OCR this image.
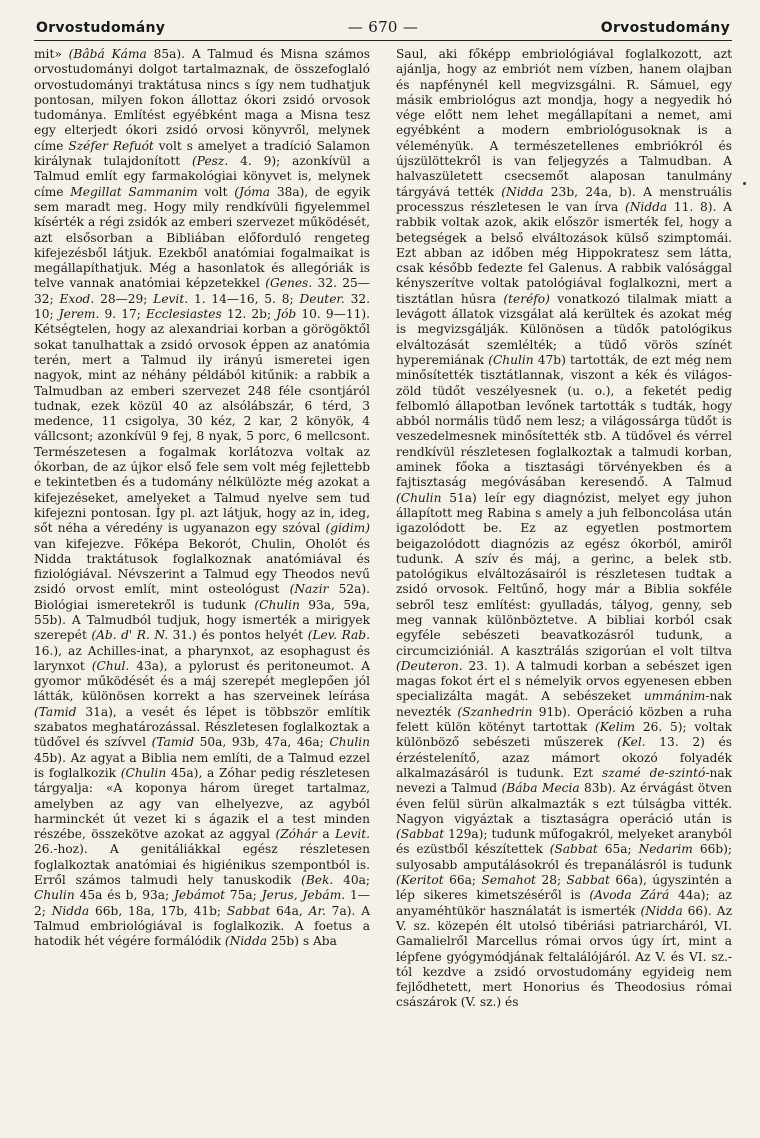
Orvostudomány	— 670 —	Orvostudomány

mit» (Bâbá Káma 85a). A Talmud és Misna számos orvostudományi dolgot tartalmaznak, de összefoglaló orvostudományi traktátusa nincs s így nem tudhatjuk pontosan, milyen fokon állottaz ókori zsidó orvosok tudománya. Említést egyébként maga a Misna tesz egy elterjedt ókori zsidó orvosi könyvről, melynek címe Széfer Refuót volt s amelyet a tradíció Salamon királynak tulajdonított (Pesz. 4. 9); azonkívül a Talmud említ egy farmakológiai könyvet is, melynek címe Megillat Sammanim volt (Jóma 38a), de egyik sem maradt meg. Hogy mily rendkívüli figyelemmel kísérték a régi zsidók az emberi szervezet működését, azt elsősorban a Bibliában előforduló rengeteg kifejezésből látjuk. Ezekből anatómiai fogalmaikat is megállapíthatjuk. Még a hasonlatok és allegóriák is telve vannak anatómiai képzetekkel (Genes. 32. 25—32; Exod. 28—29; Levit. 1. 14—16, 5. 8; Deuter. 32. 10; Jerem. 9. 17; Ecclesiastes 12. 2b; Jób 10. 9—11). Kétségtelen, hogy az alexandriai korban a görögöktől sokat tanulhattak a zsidó orvosok éppen az anatómia terén, mert a Talmud ily irányú ismeretei igen nagyok, mint az néhány példából kitűnik: a rabbik a Talmudban az emberi szervezet 248 féle csontjáról tudnak, ezek közül 40 az alsólábszár, 6 térd, 3 medence, 11 csigolya, 30 kéz, 2 kar, 2 könyök, 4 vállcsont; azonkívül 9 fej, 8 nyak, 5 porc, 6 mellcsont. Természetesen a fogalmak korlátozva voltak az ókorban, de az újkor első fele sem volt még fejlettebb e tekintetben és a tudomány nélkülözte még azokat a kifejezéseket, amelyeket a Talmud nyelve sem tud kifejezni pontosan. Így pl. azt látjuk, hogy az in, ideg, sőt néha a véredény is ugyanazon egy szóval (gidim) van kifejezve. Főképa Bekorót, Chulin, Oholót és Nidda traktátusok foglalkoznak anatómiával és fiziológiával. Névszerint a Talmud egy Theodos nevű zsidó orvost említ, mint osteológust (Nazir 52a). Biológiai ismeretekről is tudunk (Chulin 93a, 59a, 55b). A Talmudból tudjuk, hogy ismerték a mirigyek szerepét (Ab. d' R. N. 31.) és pontos helyét (Lev. Rab. 16.), az Achilles-inat, a pharynxot, az esophagust és larynxot (Chul. 43a), a pylorust és peritoneumot. A gyomor működését és a máj szerepét meglepően jól látták, különösen korrekt a has szerveinek leírása (Tamid 31a), a vesét és lépet is többször említik szabatos meghatározással. Részletesen foglalkoztak a tüdővel és szívvel (Tamid 50a, 93b, 47a, 46a; Chulin 45b). Az agyat a Biblia nem említi, de a Talmud ezzel is foglalkozik (Chulin 45a), a Zóhar pedig részletesen tárgyalja: «A koponya három üreget tartalmaz, amelyben az agy van elhelyezve, az agyból harminckét út vezet ki s ágazik el a test minden részébe, összekötve azokat az aggyal (Zóhár a Levit. 26.-hoz). A genitáliákkal egész részletesen foglalkoztak anatómiai és higiénikus szempontból is. Erről számos talmudi hely tanuskodik (Bek. 40a; Chulin 45a és b, 93a; Jebámot 75a; Jerus, Jebám. 1—2; Nidda 66b, 18a, 17b, 41b; Sabbat 64a, Ar. 7a). A Talmud embriológiával is foglalkozik. A foetus a hatodik hét végére formálódik (Nidda 25b) s Aba

Saul, aki főképp embriológiával foglalkozott, azt ajánlja, hogy az embriót nem vízben, hanem olajban és napfénynél kell megvizsgálni. R. Sámuel, egy másik embriológus azt mondja, hogy a negyedik hó vége előtt nem lehet megállapítani a nemet, ami egyébként a modern embriológusoknak is a véleményük. A természetellenes embriókról és újszülöttekről is van feljegyzés a Talmudban. A halvaszületett csecsemőt alaposan tanulmány tárgyává tették (Nidda 23b, 24a, b). A menstruális processzus részletesen le van írva (Nidda 11. 8). A rabbik voltak azok, akik először ismerték fel, hogy a betegségek a belső elváltozások külső szimptomái. Ezt abban az időben még Hippokratesz sem látta, csak később fedezte fel Galenus. A rabbik valósággal kényszerítve voltak patológiával foglalkozni, mert a tisztátlan húsra (teréfo) vonatkozó tilalmak miatt a levágott állatok vizsgálat alá kerültek és azokat még is megvizsgálják. Különösen a tüdők patológikus elváltozását szemlélték; a tüdő vörös színét hyperemiának (Chulin 47b) tartották, de ezt még nem minősítették tisztátlannak, viszont a kék és világos-zöld tüdőt veszélyesnek (u. o.), a feketét pedig felbomló állapotban levőnek tartották s tudták, hogy abból normális tüdő nem lesz; a világossárga tüdőt is veszedelmesnek minősítették stb. A tüdővel és vérrel rendkívül részletesen foglalkoztak a talmudi korban, aminek főoka a tisztasági törvényekben és a fajtisztaság megóvásában keresendő. A Talmud (Chulin 51a) leír egy diagnózist, melyet egy juhon állapított meg Rabina s amely a juh felboncolása után igazolódott be. Ez az egyetlen postmortem beigazolódott diagnózis az egész ókorból, amiről tudunk. A szív és máj, a gerinc, a belek stb. patológikus elváltozásairól is részletesen tudtak a zsidó orvosok. Feltűnő, hogy már a Biblia sokféle sebről tesz említést: gyulladás, tályog, genny, seb meg vannak különböztetve. A bibliai korból csak egyféle sebészeti beavatkozásról tudunk, a circumcizióniál. A kasztrálás szigorúan el volt tiltva (Deuteron. 23. 1). A talmudi korban a sebészet igen magas fokot ért el s némelyik orvos egyenesen ebben specializálta magát. A sebészeket ummánim-nak nevezték (Szanhedrin 91b). Operáció közben a ruha felett külön kötényt tartottak (Kelim 26. 5); voltak különböző sebészeti műszerek (Kel. 13. 2) és érzéstelenítő, azaz mámort okozó folyadék alkalmazásáról is tudunk. Ezt szamé de-szintó-nak nevezi a Talmud (Bába Mecia 83b). Az érvágást ötven éven felül sürün alkalmazták s ezt túlságba vitték. Nagyon vigyáztak a tisztaságra operáció után is (Sabbat 129a); tudunk műfogakról, melyeket aranyból és ezüstből készítettek (Sabbat 65a; Nedarim 66b); sulyosabb amputálásokról és trepanálásról is tudunk (Keritot 66a; Semahot 28; Sabbat 66a), úgyszintén a lép sikeres kimetszéséről is (Avoda Zárá 44a); az anyaméhtükör használatát is ismerték (Nidda 66). Az V. sz. közepén élt utolsó tibériási patriarcháról, VI. Gamalielről Marcellus római orvos úgy írt, mint a lépfene gyógymódjának feltalálójáról. Az V. és VI. sz.-tól kezdve a zsidó orvostudomány egyideig nem fejlődhetett, mert Honorius és Theodosius római császárok (V. sz.) és
